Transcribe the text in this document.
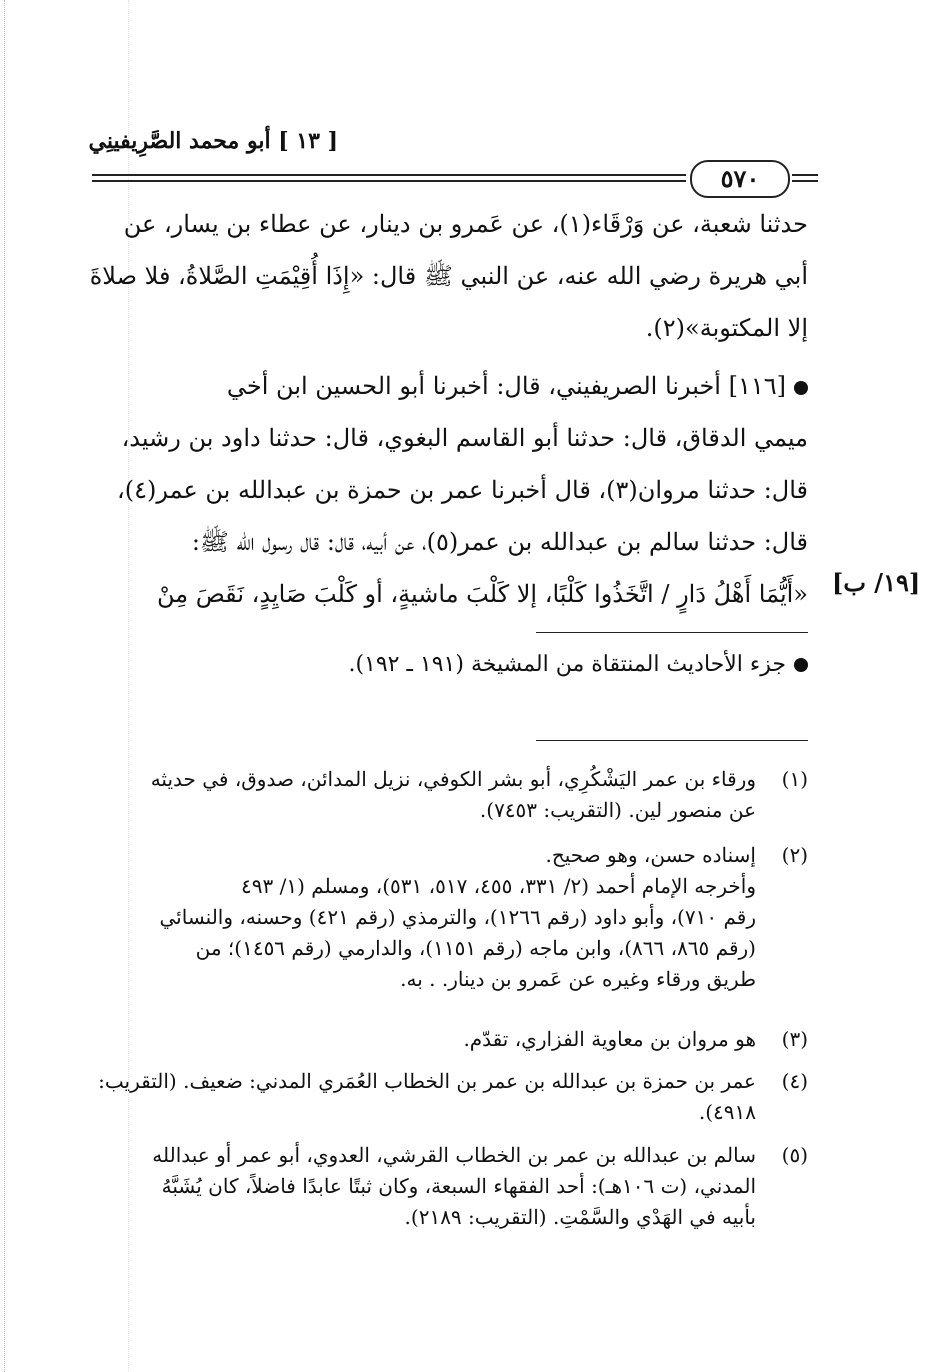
[ ١٣ ] أبو محمد الصَّرِيفينِي
٥٧٠
حدثنا شعبة، عن وَرْقَاء(١)، عن عَمرو بن دينار، عن عطاء بن يسار، عن
أبي هريرة رضي الله عنه، عن النبي ﷺ قال: «إِذَا أُقِيْمَتِ الصَّلاةُ، فلا صلاةَ
إلا المكتوبة»(٢).
[١١٦] أخبرنا الصريفيني، قال: أخبرنا أبو الحسين ابن أخي
ميمي الدقاق، قال: حدثنا أبو القاسم البغوي، قال: حدثنا داود بن رشيد،
قال: حدثنا مروان(٣)، قال أخبرنا عمر بن حمزة بن عبدالله بن عمر(٤)،
قال: حدثنا سالم بن عبدالله بن عمر(٥)، عن أبيه، قال: قال رسول الله ﷺ:
«أَيُّمَا أَهْلُ دَارٍ / اتَّخَذُوا كَلْبًا، إلا كَلْبَ ماشيةٍ، أو كَلْبَ صَايِدٍ، نَقَصَ مِنْ [١٩/ ب]
جزء الأحاديث المنتقاة من المشيخة (١٩١ ـ ١٩٢).
(١)
ورقاء بن عمر اليَشْكُرِي، أبو بشر الكوفي، نزيل المدائن، صدوق، في حديثه
عن منصور لين. (التقريب: ٧٤٥٣).
(٢)
إسناده حسن، وهو صحيح.
وأخرجه الإمام أحمد (٢/ ٣٣١، ٤٥٥، ٥١٧، ٥٣١)، ومسلم (١/ ٤٩٣
رقم ٧١٠)، وأبو داود (رقم ١٢٦٦)، والترمذي (رقم ٤٢١) وحسنه، والنسائي
(رقم ٨٦٥، ٨٦٦)، وابن ماجه (رقم ١١٥١)، والدارمي (رقم ١٤٥٦)؛ من
طريق ورقاء وغيره عن عَمرو بن دينار. . به.
(٣)
هو مروان بن معاوية الفزاري، تقدّم.
(٤)
عمر بن حمزة بن عبدالله بن عمر بن الخطاب العُمَري المدني: ضعيف. (التقريب:
٤٩١٨).
(٥)
سالم بن عبدالله بن عمر بن الخطاب القرشي، العدوي، أبو عمر أو عبدالله
المدني، (ت ١٠٦هـ): أحد الفقهاء السبعة، وكان ثبتًا عابدًا فاضلاً، كان يُشَبَّهُ
بأبيه في الهَدْي والسَّمْتِ. (التقريب: ٢١٨٩).
